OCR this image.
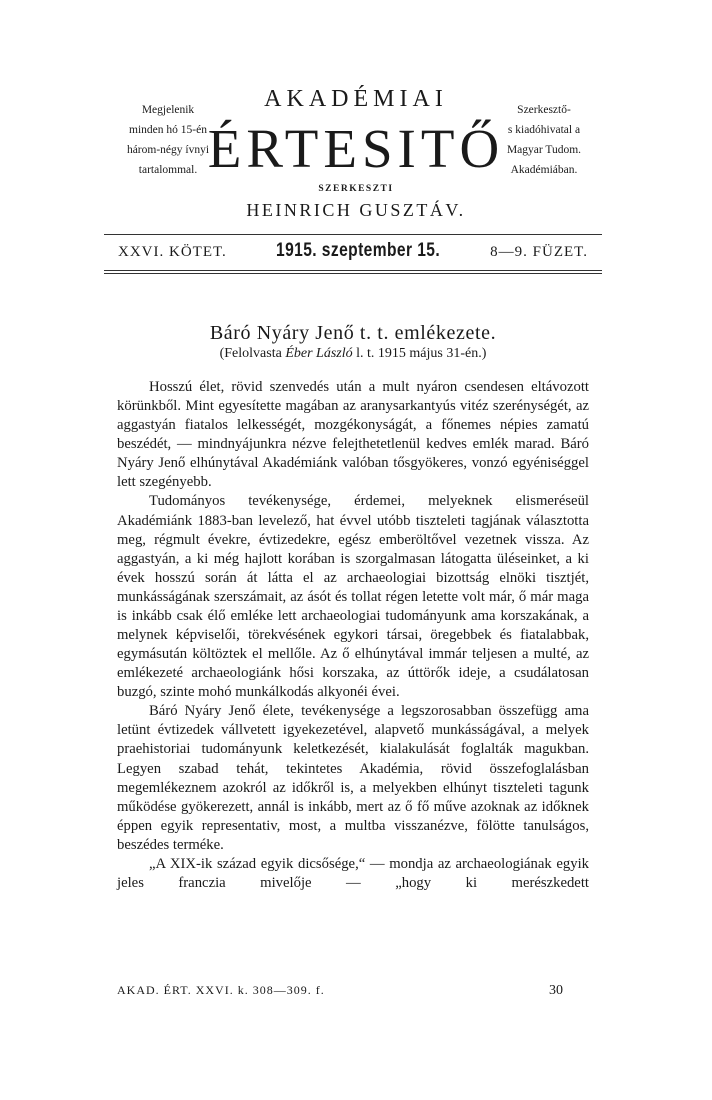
Megjelenik
minden hó 15-én
három-négy ívnyi
tartalommal.
AKADÉMIAI
ÉRTESITŐ
SZERKESZTI
HEINRICH GUSZTÁV.
Szerkesztő-
s kiadóhivatal a
Magyar Tudom.
Akadémiában.
XXVI. KÖTET.	1915. szeptember 15.	8—9. FÜZET.
Báró Nyáry Jenő t. t. emlékezete.
(Felolvasta Éber László l. t. 1915 május 31-én.)

Hosszú élet, rövid szenvedés után a mult nyáron csendesen eltávozott körünkből. Mint egyesítette magában az aranysarkantyús vitéz szerénységét, az aggastyán fiatalos lelkességét, mozgékonyságát, a főnemes népies zamatú beszédét, — mindnyájunkra nézve felejthetetlenül kedves emlék marad. Báró Nyáry Jenő elhúnytával Akadémiánk valóban tősgyökeres, vonzó egyéniséggel lett szegényebb.

Tudományos tevékenysége, érdemei, melyeknek elismeréseül Akadémiánk 1883-ban levelező, hat évvel utóbb tiszteleti tagjának választotta meg, régmult évekre, évtizedekre, egész emberöltővel vezetnek vissza. Az aggastyán, a ki még hajlott korában is szorgalmasan látogatta üléseinket, a ki évek hosszú során át látta el az archaeologiai bizottság elnöki tisztjét, munkásságának szerszámait, az ásót és tollat régen letette volt már, ő már maga is inkább csak élő emléke lett archaeologiai tudományunk ama korszakának, a melynek képviselői, törekvésének egykori társai, öregebbek és fiatalabbak, egymásután költöztek el mellőle. Az ő elhúnytával immár teljesen a multé, az emlékezeté archaeologiánk hősi korszaka, az úttörők ideje, a csudálatosan buzgó, szinte mohó munkálkodás alkyonéi évei.

Báró Nyáry Jenő élete, tevékenysége a legszorosabban összefügg ama letünt évtizedek vállvetett igyekezetével, alapvető munkásságával, a melyek praehistoriai tudományunk keletkezését, kialakulását foglalták magukban. Legyen szabad tehát, tekintetes Akadémia, rövid összefoglalásban megemlékeznem azokról az időkről is, a melyekben elhúnyt tiszteleti tagunk működése gyökerezett, annál is inkább, mert az ő fő műve azoknak az időknek éppen egyik representativ, most, a multba visszanézve, fölötte tanulságos, beszédes terméke.

„A XIX-ik század egyik dicsősége,“ — mondja az archaeologiának egyik jeles franczia mivelője — „hogy ki merészkedett

AKAD. ÉRT. XXVI. k. 308—309. f.	30
